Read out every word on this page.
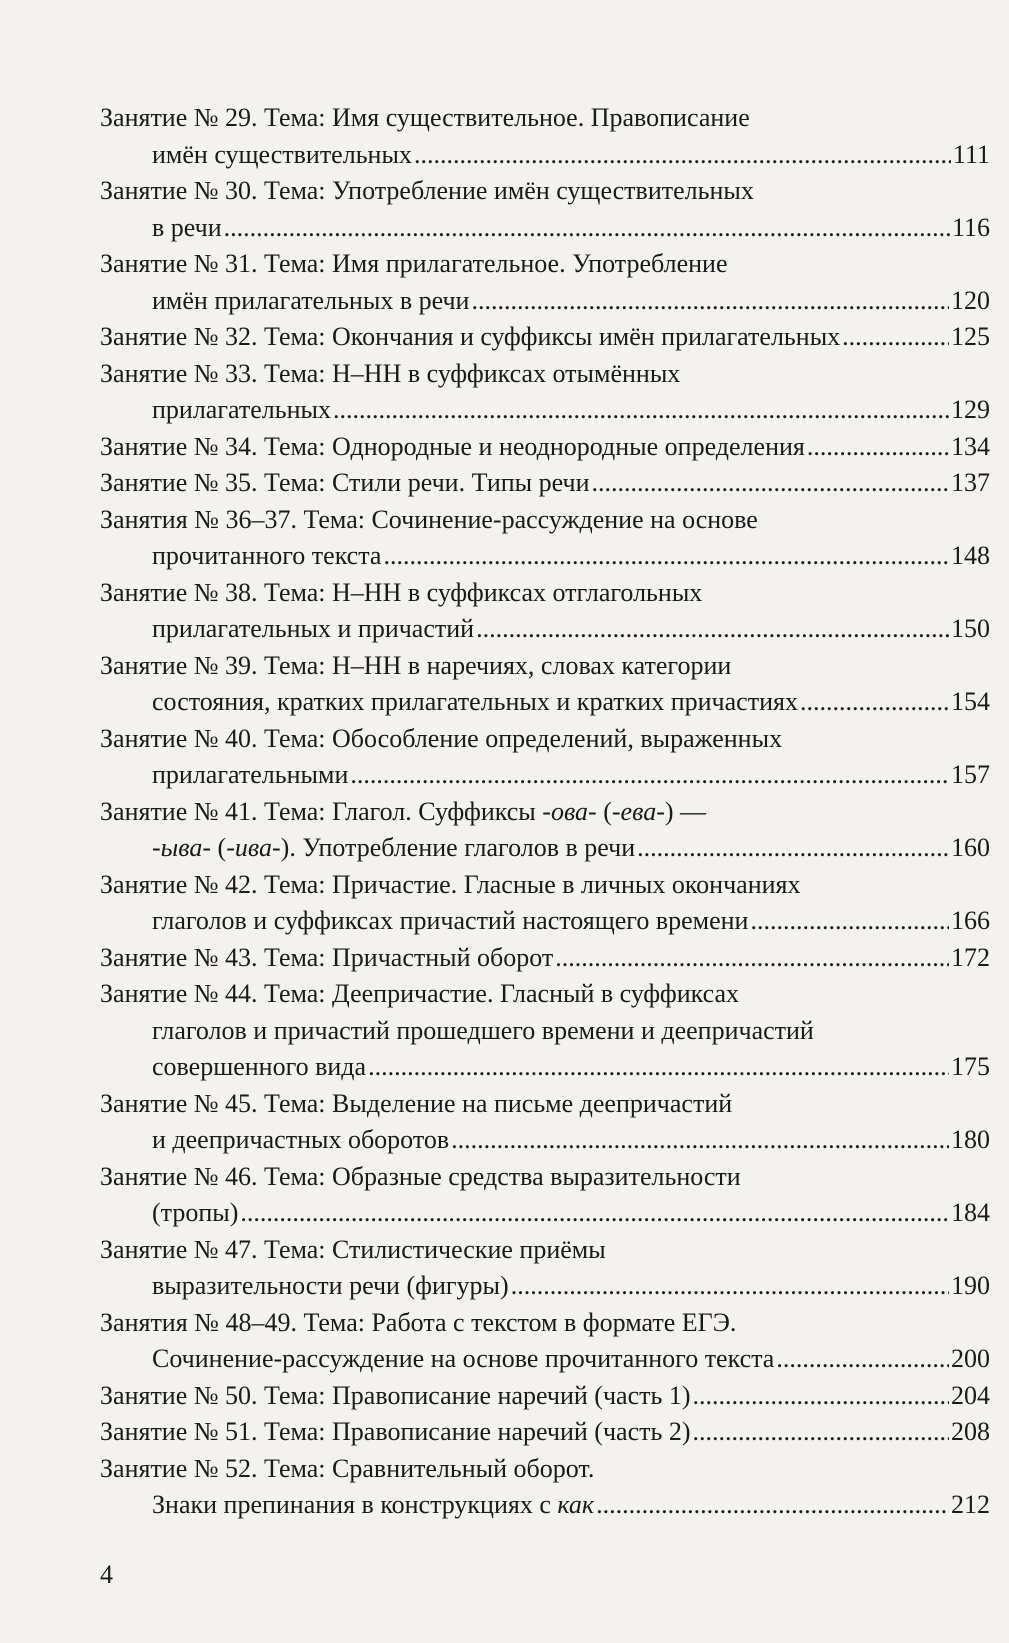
Занятие № 29. Тема: Имя существительное. Правописание
имён существительных .....	111
Занятие № 30. Тема: Употребление имён существительных
в речи .....	116
Занятие № 31. Тема: Имя прилагательное. Употребление
имён прилагательных в речи .....	120
Занятие № 32. Тема: Окончания и суффиксы имён прилагательных .....	125
Занятие № 33. Тема: Н–НН в суффиксах отымённых
прилагательных .....	129
Занятие № 34. Тема: Однородные и неоднородные определения .....	134
Занятие № 35. Тема: Стили речи. Типы речи .....	137
Занятия № 36–37. Тема: Сочинение-рассуждение на основе
прочитанного текста .....	148
Занятие № 38. Тема: Н–НН в суффиксах отглагольных
прилагательных и причастий .....	150
Занятие № 39. Тема: Н–НН в наречиях, словах категории
состояния, кратких прилагательных и кратких причастиях .....	154
Занятие № 40. Тема: Обособление определений, выраженных
прилагательными .....	157
Занятие № 41. Тема: Глагол. Суффиксы -ова- (-ева-) —
-ыва- (-ива-). Употребление глаголов в речи .....	160
Занятие № 42. Тема: Причастие. Гласные в личных окончаниях
глаголов и суффиксах причастий настоящего времени .....	166
Занятие № 43. Тема: Причастный оборот .....	172
Занятие № 44. Тема: Деепричастие. Гласный в суффиксах
глаголов и причастий прошедшего времени и деепричастий
совершенного вида .....	175
Занятие № 45. Тема: Выделение на письме деепричастий
и деепричастных оборотов .....	180
Занятие № 46. Тема: Образные средства выразительности
(тропы) .....	184
Занятие № 47. Тема: Стилистические приёмы
выразительности речи (фигуры) .....	190
Занятия № 48–49. Тема: Работа с текстом в формате ЕГЭ.
Сочинение-рассуждение на основе прочитанного текста .....	200
Занятие № 50. Тема: Правописание наречий (часть 1) .....	204
Занятие № 51. Тема: Правописание наречий (часть 2) .....	208
Занятие № 52. Тема: Сравнительный оборот.
Знаки препинания в конструкциях с как .....	212
4
